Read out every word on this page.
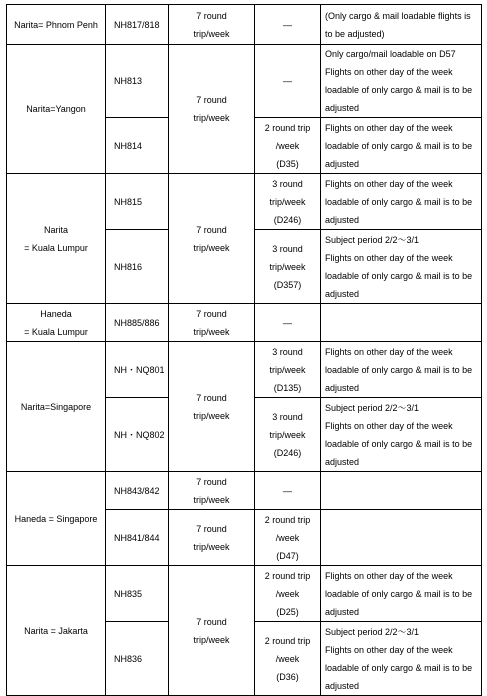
Narita= Phnom Penh	NH817/818	7 round
trip/week	—	(Only cargo & mail loadable flights is
to be adjusted)

Narita=Yangon	NH813	7 round
trip/week	—	Only cargo/mail loadable on D57
Flights on other day of the week
loadable of only cargo & mail is to be
adjusted

	NH814		2 round trip
/week
(D35)	Flights on other day of the week
loadable of only cargo & mail is to be
adjusted

Narita
= Kuala Lumpur	NH815	7 round
trip/week	3 round
trip/week
(D246)	Flights on other day of the week
loadable of only cargo & mail is to be
adjusted

	NH816		3 round
trip/week
(D357)	Subject period 2/2～3/1
Flights on other day of the week
loadable of only cargo & mail is to be
adjusted

Haneda
= Kuala Lumpur	NH885/886	7 round
trip/week	—	

Narita=Singapore	NH・NQ801	7 round
trip/week	3 round
trip/week
(D135)	Flights on other day of the week
loadable of only cargo & mail is to be
adjusted

	NH・NQ802		3 round
trip/week
(D246)	Subject period 2/2～3/1
Flights on other day of the week
loadable of only cargo & mail is to be
adjusted

Haneda = Singapore	NH843/842	7 round
trip/week	—	

	NH841/844	7 round
trip/week	2 round trip
/week
(D47)	

Narita = Jakarta	NH835	7 round
trip/week	2 round trip
/week
(D25)	Flights on other day of the week
loadable of only cargo & mail is to be
adjusted

	NH836		2 round trip
/week
(D36)	Subject period 2/2～3/1
Flights on other day of the week
loadable of only cargo & mail is to be
adjusted
